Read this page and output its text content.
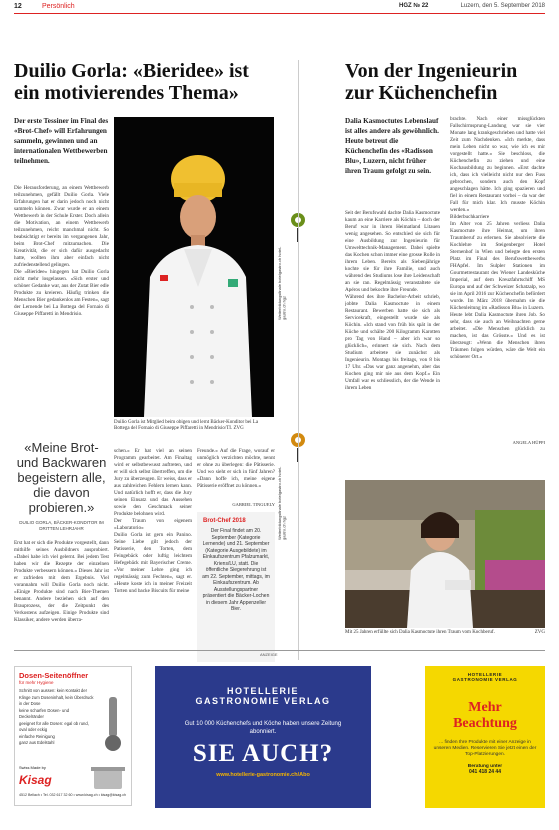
12	Persönlich	HGZ № 22	Luzern, den 5. September 2018
Duilio Gorla: «Bieridee» ist ein motivierendes Thema»
Der erste Tessiner im Final des «Brot-Chef» will Erfahrungen sammeln, gewinnen und an internationalen Wettbewerben teilnehmen.
Die Herausforderung, an einem Wettbewerb teilzunehmen, gefällt Duilio Gorla. Viele Erfahrungen hat er darin jedoch noch nicht sammeln können. Zwar wurde er an einem Wettbewerb in der Schule Erster. Doch allein die Motivation, an einem Wettbewerb teilzunehmen, reicht manchmal nicht. So beabsichtigt er bereits im vergangenen Jahr, beim Brot-Chef mitzumachen. Die Kreativität, die er sich dafür ausgedacht hatte, wollten ihm aber einfach nicht zufriedenstellend gelingen.
Die «Bieridee» hingegen hat Duilio Gorla nicht mehr losgelassen. «Sich erster und schöner Gedanke war, aus der Zutat Bier edle Produkte zu kreieren. Häufig trinken die Menschen Bier gedankenlos am Festen», sagt der Lernende bei La Bottega del Fornaio di Giuseppe Piffaretti in Mendrisio.
Duilio Gorla ist Mitglied beim obigen und lernt Bäcker-Konditor bei La Bottega del Fornaio di Giuseppe Piffaretti in Mendrisio/TI. ZVG
«Meine Brot- und Backwaren begeistern alle, die davon probieren.»
DUILIO GORLA, BÄCKER-KONDITOR IM DRITTEN LEHRJAHR
Erst hat er sich die Produkte vorgestellt, dann mithilfe seines Ausbildners ausprobiert. «Dabei habe ich viel gelernt. Bei jedem Test haben wir die Rezepte der einzelnen Produkte verbessern können.» Dieses Jahr ist er zufrieden mit dem Ergebnis. Viel vorannahm will Duilio Gorla noch nicht. «Einige Produkte sind nach Bier-Themen benannt. Andere beziehen sich auf den Brauprozess, der die Zeitpunkt des Verkostens aufzeigen. Einige Produkte sind Klassiker, andere werden überra-
schen.» Er hat viel an seinen Programm gearbeitet. Am Finaltag wird er selbstbewusst auftreten, und er will sich selbst übertreffen, um die Jury zu überzeugen. Er weiss, dass er aus zahlreichen Fehlern lernen kann. Und natürlich hofft er, dass die Jury seinen Einsatz und das Aussehen sowie den Geschmack seiner Produkte belohnen wird.
Der Traum von eigenem «Laboratorio»
Duilio Gorla ist gern ein Panino. Seine Liebe gilt jedoch der Patisserie, den Torten, dem Feingebäck oder luftig leichtem Hefegebäck mit Bayerischer Creme. «Vor meiner Lehre ging ich regelmässig zum Fechten», sagt er. «Heute koste ich in meiner Freizeit Torten und backe Biscuits für meine
Freunde.» Auf die Frage, worauf er unmöglich verzichten möchte, nennt er ohne zu überlegen: die Pâtisserie. Und wo sieht er sich in fünf Jahren? «Dann hoffe ich, meine eigene Pâtisserie eröffnet zu können.»
GABRIEL TINGUELY
Brot-Chef 2018
Der Final findet am 20. September (Kategorie Lernende) und 21. September (Kategorie Ausgebildete) im Einkaufszentrum Pfalzumarkt, Kriens/LU, statt. Die öffentliche Siegerehrung ist am 22. September, mittags, im Einkaufszentrum. Ab Ausstellungspartner präsentiert die Bäcker-Lochen in diesem Jahr Appenzeller Bier.
Weiterbildungsfinale hotelgastro.ch hotel-gastro.ch hgz
Weiterbildungsfinale hotelgastro.ch hotel-gastro.ch hgz
Von der Ingenieurin zur Küchenchefin
Dalia Kasmoctutes Lebenslauf ist alles andere als gewöhnlich. Heute betreut die Küchenchefin des «Radisson Blu», Luzern, nicht früher ihren Traum gefolgt zu sein.
Seit der Berufswahl dachte Dalia Kasmoctute kaum an eine Karriere als Köchin – doch der Beruf war in ihrem Heimatland Litauen wenig angesehen. So entschied sie sich für eine Ausbildung zur Ingenieurin für Umwelttechnik-Management. Dabei spielte das Kochen schon immer eine grosse Rolle in ihrem Leben. Bereits als Siebenjährige kochte sie für ihre Familie, und auch während des Studiums lose ihre Leidenschaft an sie ran. Regelmässig veranstaltete sie Apéros und bekochte ihre Freunde.
Während des ihre Bachelor-Arbeit schrieb, jobbte Dalia Kasmoctute in einem Restaurant. Bewerben hatte sie sich als Servicekraft, eingestellt wurde sie als Köchin. «Ich stand von früh bis spät in der Küche und schälte 200 Kilogramm Karotten pro Tag von Hand – aber ich war so glücklich», erinnert sie sich. Nach dem Studium arbeitete sie zunächst als Ingenieurin. Montags bis freitags, von 8 bis 17 Uhr. «Das war ganz angenehm, aber das Kochen ging mir nie aus dem Kopf.» Ein Umfall war es schliesslich, der die Wende in ihrem Leben
brachte. Nach einer missglückten Fallschirmsprung-Landung war sie vier Monate lang krankgeschrieben und hatte viel Zeit zum Nachdenken. «Ich merkte, dass mein Leben nicht so war, wie ich es mir vorgestellt hatte.» Sie beschloss, die Küchenchefin zu ziehen und eine Kochausbildung zu beginnen. «Erst dachte ich, dass ich vielleicht nicht nur den Fuss gebrochen, sondern auch den Kopf angeschlagen hätte. Ich ging spazieren und fiel in einem Restaurant vorbei – da war der Fall für mich klar. Ich musste Köchin werden.»
Bilderbuchkarriere
Im Alter von 25 Jahren verliess Dalia Kasmoctute ihre Heimat, um ihren Traumberuf zu erlernen. Sie absolvierte die Kochlehre im Steigenberger Hotel Sternenhof in Wien und belegte den ersten Platz im Final des Berufswettbewerbs FHApfel. Im Sulpler Stationen im Gourmetrestaurant des Wiener Landesküche Imperial, auf dem Kreuzfahrtschiff MS Europa und auf der Schweizer Schatzalp, wo sie im April 2016 zur Küchenchefin befördert wurde. Im März 2018 übernahm sie die Küchenleitung im «Radisson Blu» in Luzern.
Heute lebt Dalia Kasmoctute ihren Job. So sehr, dass sie auch an Weihnachten gerne arbeitet. «Die Menschen glücklich zu machen, ist das Grösste.» Und es ist überzeugt: «Wenn die Menschen ihren Träumen folgen würden, wäre die Welt ein schönerer Ort.»
ANGELA HÜPPI
Mit 25 Jahren erfüllte sich Dalia Kasmoctute ihren Traum vom Kochberuf.	ZVG
ANZEIGE
Dosen-Seitenöffner
für mehr Hygiene
Schnitt von aussen: kein Kontakt der Klinge zum Doseninhalt, kein Überdruck in der Dose
keine scharfen Dosen- und Deckelränder
geeignet für alle Dosen: egal ob rund, oval oder eckig
einfache Reinigung
ganz aus Edelstahl
Swiss Made by
Kisag
4512 Bellach • Tel. 032 617 32 60 • www.kisag.ch • kisag@kisag.ch
HOTELLERIE
GASTRONOMIE VERLAG
Gut 10 000 Küchenchefs und Köche haben unsere Zeitung abonniert.
SIE AUCH?
www.hotellerie-gastronomie.ch/Abo
HOTELLERIE
GASTRONOMIE VERLAG
Mehr
Beachtung
... finden Ihre Produkte mit einer Anzeige in unseren Medien. Reservieren Sie jetzt einen der Top-Platzierungen.
Beratung unter
041 418 24 44
